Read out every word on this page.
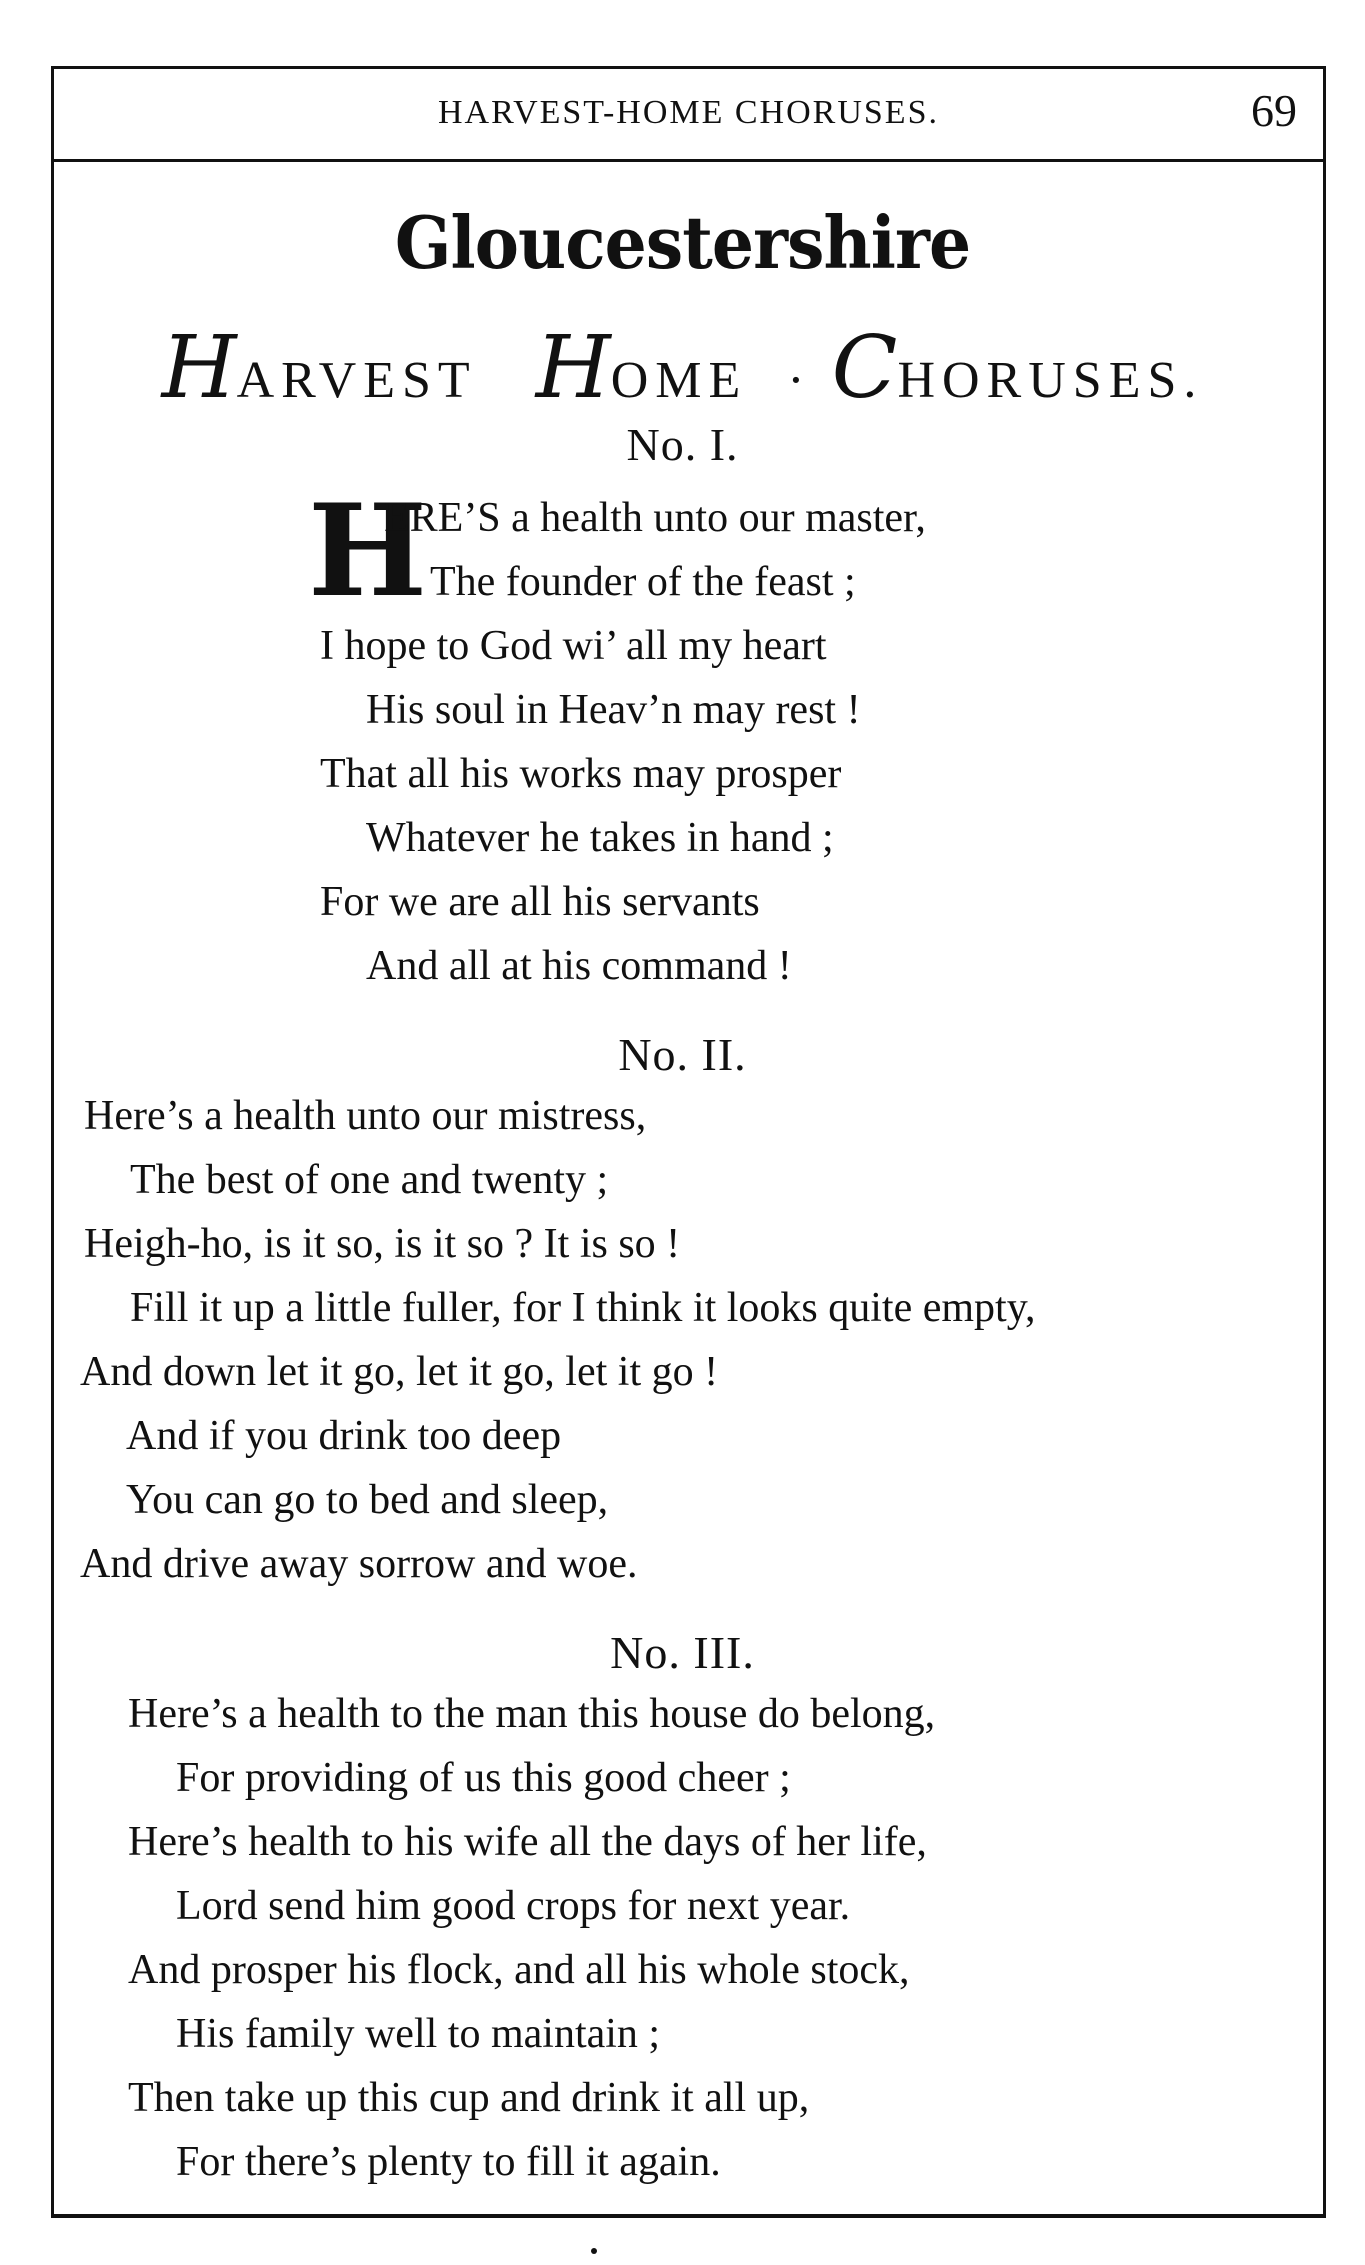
HARVEST-HOME CHORUSES.	69
Gloucestershire
HARVEST HOME  · CHORUSES.
No. I.
H
ERE’S a health unto our master,
The founder of the feast ;
I hope to God wi’ all my heart
His soul in Heav’n may rest !
That all his works may prosper
Whatever he takes in hand ;
For we are all his servants
And all at his command !
No. II.
Here’s a health unto our mistress,
The best of one and twenty ;
Heigh-ho, is it so, is it so ? It is so !
Fill it up a little fuller, for I think it looks quite empty,
And down let it go, let it go, let it go !
And if you drink too deep
You can go to bed and sleep,
And drive away sorrow and woe.
No. III.
Here’s a health to the man this house do belong,
For providing of us this good cheer ;
Here’s health to his wife all the days of her life,
Lord send him good crops for next year.
And prosper his flock, and all his whole stock,
His family well to maintain ;
Then take up this cup and drink it all up,
For there’s plenty to fill it again.
